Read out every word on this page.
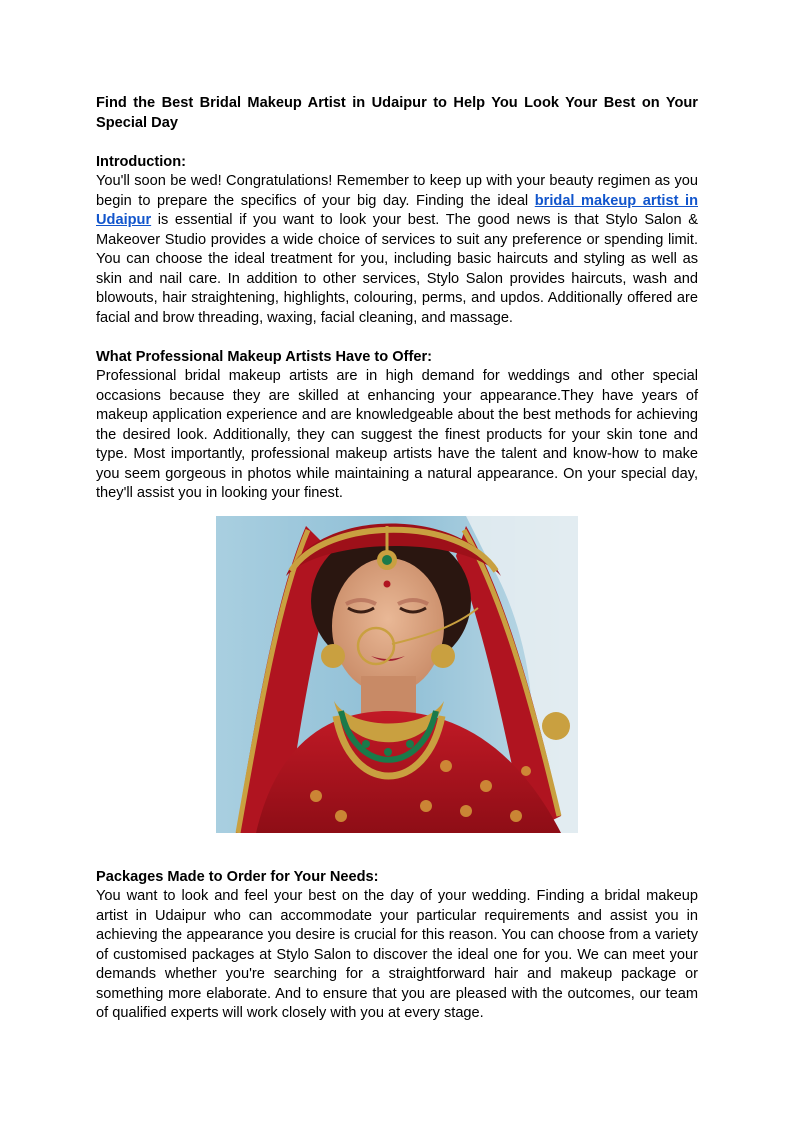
Find the Best Bridal Makeup Artist in Udaipur to Help You Look Your Best on Your Special Day

Introduction:

You'll soon be wed! Congratulations! Remember to keep up with your beauty regimen as you begin to prepare the specifics of your big day. Finding the ideal bridal makeup artist in Udaipur is essential if you want to look your best. The good news is that Stylo Salon & Makeover Studio provides a wide choice of services to suit any preference or spending limit. You can choose the ideal treatment for you, including basic haircuts and styling as well as skin and nail care. In addition to other services, Stylo Salon provides haircuts, wash and blowouts, hair straightening, highlights, colouring, perms, and updos. Additionally offered are facial and brow threading, waxing, facial cleaning, and massage.

What Professional Makeup Artists Have to Offer:

Professional bridal makeup artists are in high demand for weddings and other special occasions because they are skilled at enhancing your appearance.They have years of makeup application experience and are knowledgeable about the best methods for achieving the desired look. Additionally, they can suggest the finest products for your skin tone and type. Most importantly, professional makeup artists have the talent and know-how to make you seem gorgeous in photos while maintaining a natural appearance. On your special day, they'll assist you in looking your finest.

Packages Made to Order for Your Needs:

You want to look and feel your best on the day of your wedding. Finding a bridal makeup artist in Udaipur who can accommodate your particular requirements and assist you in achieving the appearance you desire is crucial for this reason. You can choose from a variety of customised packages at Stylo Salon to discover the ideal one for you. We can meet your demands whether you're searching for a straightforward hair and makeup package or something more elaborate. And to ensure that you are pleased with the outcomes, our team of qualified experts will work closely with you at every stage.
